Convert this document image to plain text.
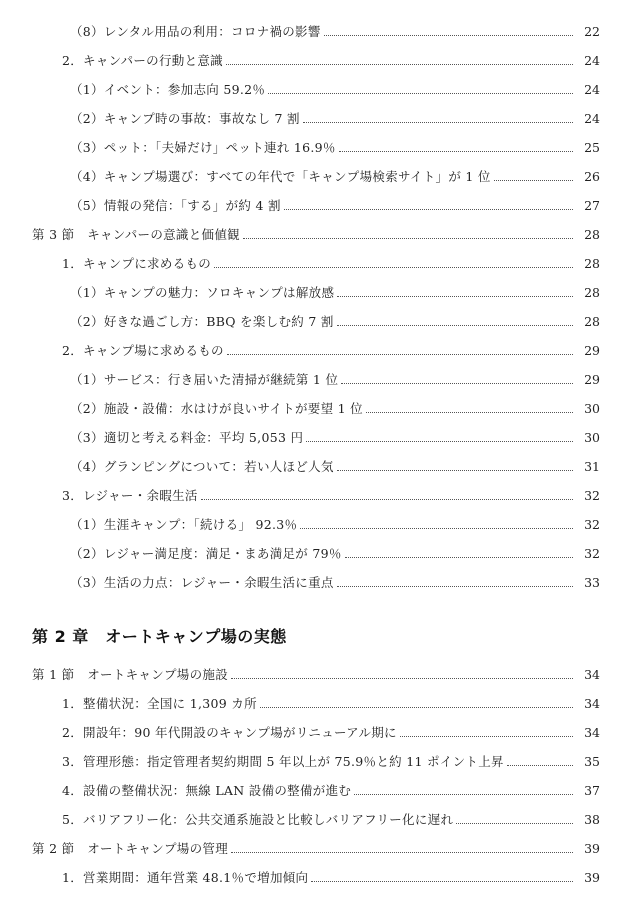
（8）レンタル用品の利用：コロナ禍の影響	22
2．キャンパーの行動と意識	24
（1）イベント：参加志向 59.2％	24
（2）キャンプ時の事故：事故なし 7 割	24
（3）ペット：「夫婦だけ」ペット連れ 16.9％	25
（4）キャンプ場選び：すべての年代で「キャンプ場検索サイト」が 1 位	26
（5）情報の発信：「する」が約 4 割	27
第 3 節　キャンパーの意識と価値観	28
1．キャンプに求めるもの	28
（1）キャンプの魅力：ソロキャンプは解放感	28
（2）好きな過ごし方：BBQ を楽しむ約 7 割	28
2．キャンプ場に求めるもの	29
（1）サービス：行き届いた清掃が継続第 1 位	29
（2）施設・設備：水はけが良いサイトが要望 1 位	30
（3）適切と考える料金：平均 5,053 円	30
（4）グランピングについて：若い人ほど人気	31
3．レジャー・余暇生活	32
（1）生涯キャンプ：「続ける」 92.3％	32
（2）レジャー満足度：満足・まあ満足が 79％	32
（3）生活の力点：レジャー・余暇生活に重点	33
第 2 章　オートキャンプ場の実態
第 1 節　オートキャンプ場の施設	34
1．整備状況：全国に 1,309 カ所	34
2．開設年：90 年代開設のキャンプ場がリニューアル期に	34
3．管理形態：指定管理者契約期間 5 年以上が 75.9％と約 11 ポイント上昇	35
4．設備の整備状況：無線 LAN 設備の整備が進む	37
5．バリアフリー化：公共交通系施設と比較しバリアフリー化に遅れ	38
第 2 節　オートキャンプ場の管理	39
1．営業期間：通年営業 48.1％で増加傾向	39
